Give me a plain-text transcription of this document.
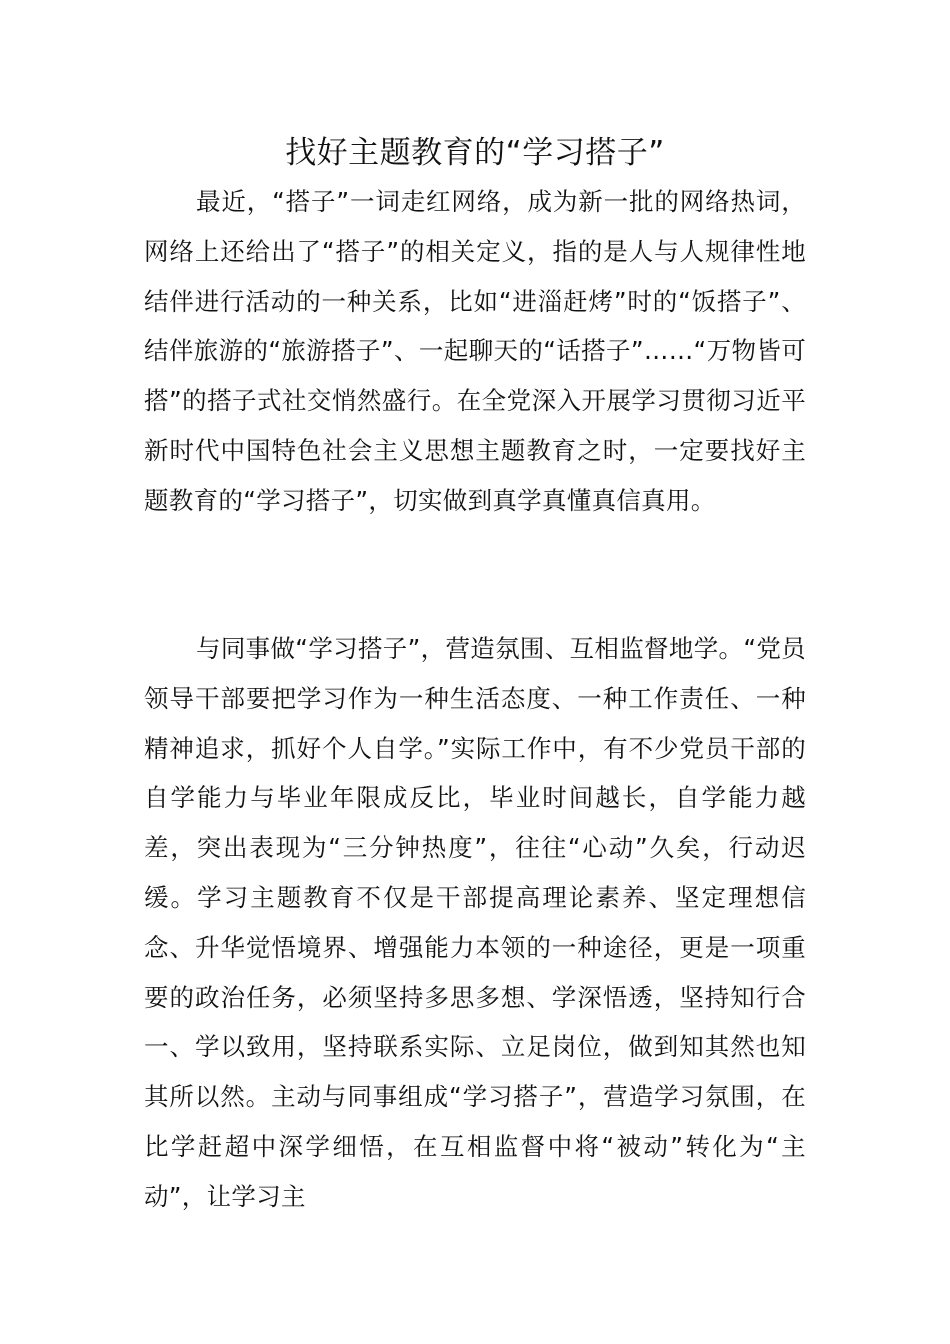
找好主题教育的“学习搭子”

最近，“搭子”一词走红网络，成为新一批的网络热词，网络上还给出了“搭子”的相关定义，指的是人与人规律性地结伴进行活动的一种关系，比如“进淄赶烤”时的“饭搭子”、结伴旅游的“旅游搭子”、一起聊天的“话搭子”……“万物皆可搭”的搭子式社交悄然盛行。在全党深入开展学习贯彻习近平新时代中国特色社会主义思想主题教育之时，一定要找好主题教育的“学习搭子”，切实做到真学真懂真信真用。

与同事做“学习搭子”，营造氛围、互相监督地学。“党员领导干部要把学习作为一种生活态度、一种工作责任、一种精神追求，抓好个人自学。”实际工作中，有不少党员干部的自学能力与毕业年限成反比，毕业时间越长，自学能力越差，突出表现为“三分钟热度”，往往“心动”久矣，行动迟缓。学习主题教育不仅是干部提高理论素养、坚定理想信念、升华觉悟境界、增强能力本领的一种途径，更是一项重要的政治任务，必须坚持多思多想、学深悟透，坚持知行合一、学以致用，坚持联系实际、立足岗位，做到知其然也知其所以然。主动与同事组成“学习搭子”，营造学习氛围，在比学赶超中深学细悟，在互相监督中将“被动”转化为“主动”，让学习主
